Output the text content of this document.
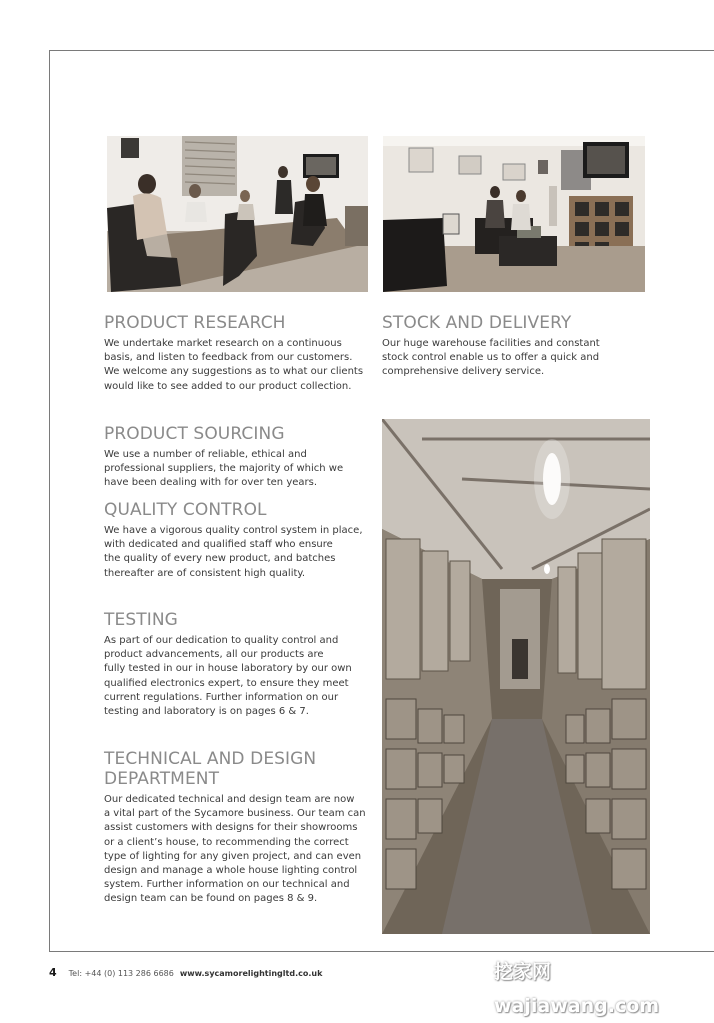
PRODUCT RESEARCH

We undertake market research on a continuous
basis, and listen to feedback from our customers.
We welcome any suggestions as to what our clients
would like to see added to our product collection.

STOCK AND DELIVERY

Our huge warehouse facilities and constant
stock control enable us to offer a quick and
comprehensive delivery service.

PRODUCT SOURCING

We use a number of reliable, ethical and
professional suppliers, the majority of which we
have been dealing with for over ten years.

QUALITY CONTROL

We have a vigorous quality control system in place,
with dedicated and qualified staff who ensure
the quality of every new product, and batches
thereafter are of consistent high quality.

TESTING

As part of our dedication to quality control and
product advancements, all our products are
fully tested in our in house laboratory by our own
qualified electronics expert, to ensure they meet
current regulations. Further information on our
testing and laboratory is on pages 6 & 7.

TECHNICAL AND DESIGN
DEPARTMENT

Our dedicated technical and design team are now
a vital part of the Sycamore business. Our team can
assist customers with designs for their showrooms
or a client’s house, to recommending the correct
type of lighting for any given project, and can even
design and manage a whole house lighting control
system. Further information on our technical and
design team can be found on pages 8 & 9.

4 Tel: +44 (0) 113 286 6686 www.sycamorelightingltd.co.uk	挖家网 wajiawang.com
